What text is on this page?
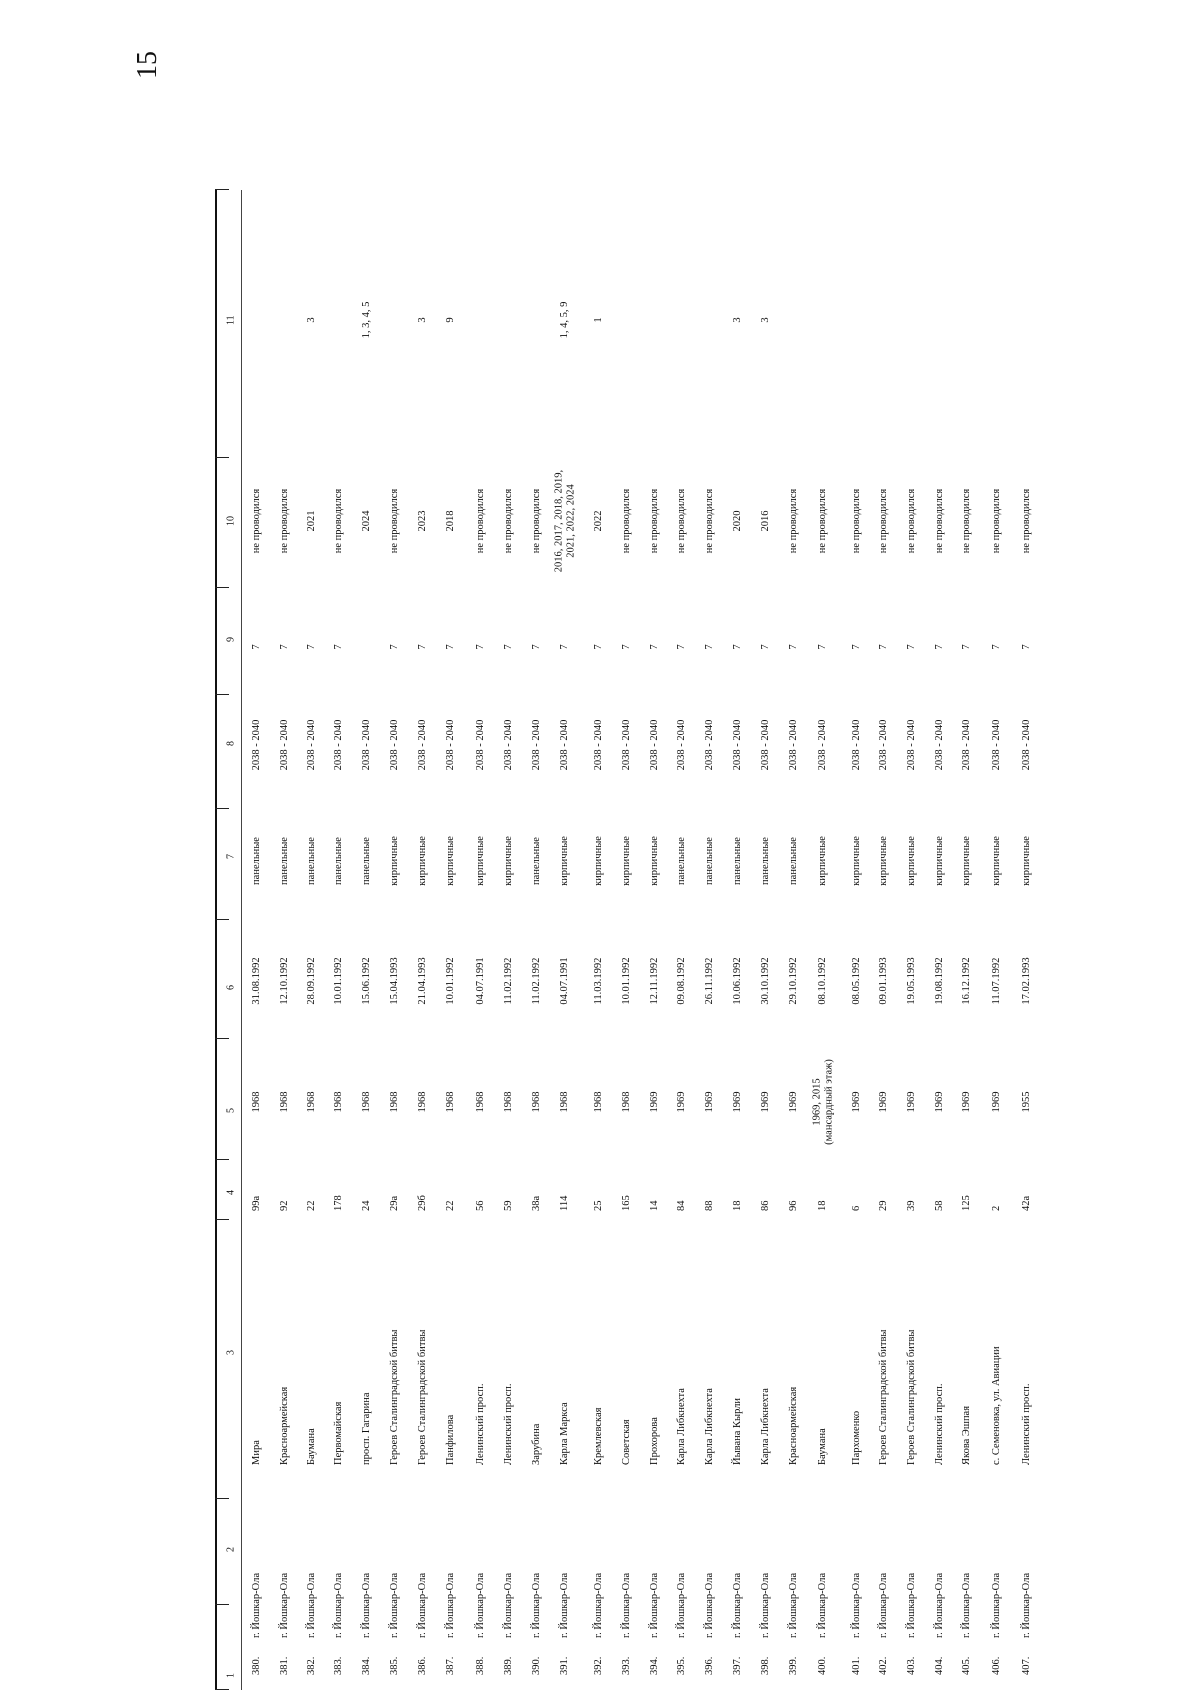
15
1
2
3
4
5
6
7
8
9
10
11
380.
г. Йошкар-Ола
Мира
99а
1968
31.08.1992
панельные
2038 - 2040
7
не проводился
381.
г. Йошкар-Ола
Красноармейская
92
1968
12.10.1992
панельные
2038 - 2040
7
не проводился
382.
г. Йошкар-Ола
Баумана
22
1968
28.09.1992
панельные
2038 - 2040
7
2021
3
383.
г. Йошкар-Ола
Первомайская
178
1968
10.01.1992
панельные
2038 - 2040
7
не проводился
384.
г. Йошкар-Ола
просп. Гагарина
24
1968
15.06.1992
панельные
2038 - 2040
2024
1, 3, 4, 5
385.
г. Йошкар-Ола
Героев Сталинградской битвы
29а
1968
15.04.1993
кирпичные
2038 - 2040
7
не проводился
386.
г. Йошкар-Ола
Героев Сталинградской битвы
29б
1968
21.04.1993
кирпичные
2038 - 2040
7
2023
3
387.
г. Йошкар-Ола
Панфилова
22
1968
10.01.1992
кирпичные
2038 - 2040
7
2018
9
388.
г. Йошкар-Ола
Ленинский просп.
56
1968
04.07.1991
кирпичные
2038 - 2040
7
не проводился
389.
г. Йошкар-Ола
Ленинский просп.
59
1968
11.02.1992
кирпичные
2038 - 2040
7
не проводился
390.
г. Йошкар-Ола
Зарубина
38а
1968
11.02.1992
панельные
2038 - 2040
7
не проводился
391.
г. Йошкар-Ола
Карла Маркса
114
1968
04.07.1991
кирпичные
2038 - 2040
7
2016, 2017, 2018, 2019,
2021, 2022, 2024
1, 4, 5, 9
392.
г. Йошкар-Ола
Кремлевская
25
1968
11.03.1992
кирпичные
2038 - 2040
7
2022
1
393.
г. Йошкар-Ола
Советская
165
1968
10.01.1992
кирпичные
2038 - 2040
7
не проводился
394.
г. Йошкар-Ола
Прохорова
14
1969
12.11.1992
кирпичные
2038 - 2040
7
не проводился
395.
г. Йошкар-Ола
Карла Либкнехта
84
1969
09.08.1992
панельные
2038 - 2040
7
не проводился
396.
г. Йошкар-Ола
Карла Либкнехта
88
1969
26.11.1992
панельные
2038 - 2040
7
не проводился
397.
г. Йошкар-Ола
Йывана Кырли
18
1969
10.06.1992
панельные
2038 - 2040
7
2020
3
398.
г. Йошкар-Ола
Карла Либкнехта
86
1969
30.10.1992
панельные
2038 - 2040
7
2016
3
399.
г. Йошкар-Ола
Красноармейская
96
1969
29.10.1992
панельные
2038 - 2040
7
не проводился
400.
г. Йошкар-Ола
Баумана
18
1969, 2015
(мансардный этаж)
08.10.1992
кирпичные
2038 - 2040
7
не проводился
401.
г. Йошкар-Ола
Пархоменко
6
1969
08.05.1992
кирпичные
2038 - 2040
7
не проводился
402.
г. Йошкар-Ола
Героев Сталинградской битвы
29
1969
09.01.1993
кирпичные
2038 - 2040
7
не проводился
403.
г. Йошкар-Ола
Героев Сталинградской битвы
39
1969
19.05.1993
кирпичные
2038 - 2040
7
не проводился
404.
г. Йошкар-Ола
Ленинский просп.
58
1969
19.08.1992
кирпичные
2038 - 2040
7
не проводился
405.
г. Йошкар-Ола
Якова Эшпая
125
1969
16.12.1992
кирпичные
2038 - 2040
7
не проводился
406.
г. Йошкар-Ола
с. Семеновка, ул. Авиации
2
1969
11.07.1992
кирпичные
2038 - 2040
7
не проводился
407.
г. Йошкар-Ола
Ленинский просп.
42а
1955
17.02.1993
кирпичные
2038 - 2040
7
не проводился
